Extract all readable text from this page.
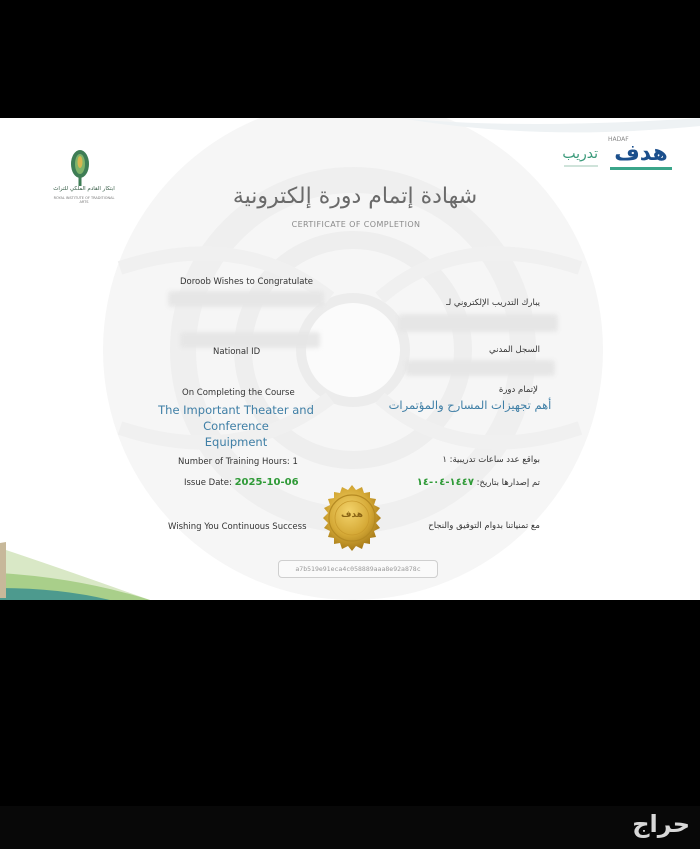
ابتكار القادم الملكي للتراث
ROYAL INSTITUTE OF TRADITIONAL ARTS
تدريب
HADAF
هدف
شهادة إتمام دورة إلكترونية
CERTIFICATE OF COMPLETION
Doroob Wishes to Congratulate
يبارك التدريب الإلكتروني لـ
National ID	السجل المدني
On Completing the Course	لإتمام دورة
The Important Theater and Conference
Equipment
أهم تجهيزات المسارح والمؤتمرات
Number of Training Hours: 1	بواقع عدد ساعات تدريبية: ١
Issue Date: 2025-10-06	تم إصدارها بتاريخ: ١٤٤٧-٠٤-١٤
هدف
Wishing You Continuous Success	مع تمنياتنا بدوام التوفيق والنجاح
a7b519e91eca4c058889aaa8e92a878c
حراج
